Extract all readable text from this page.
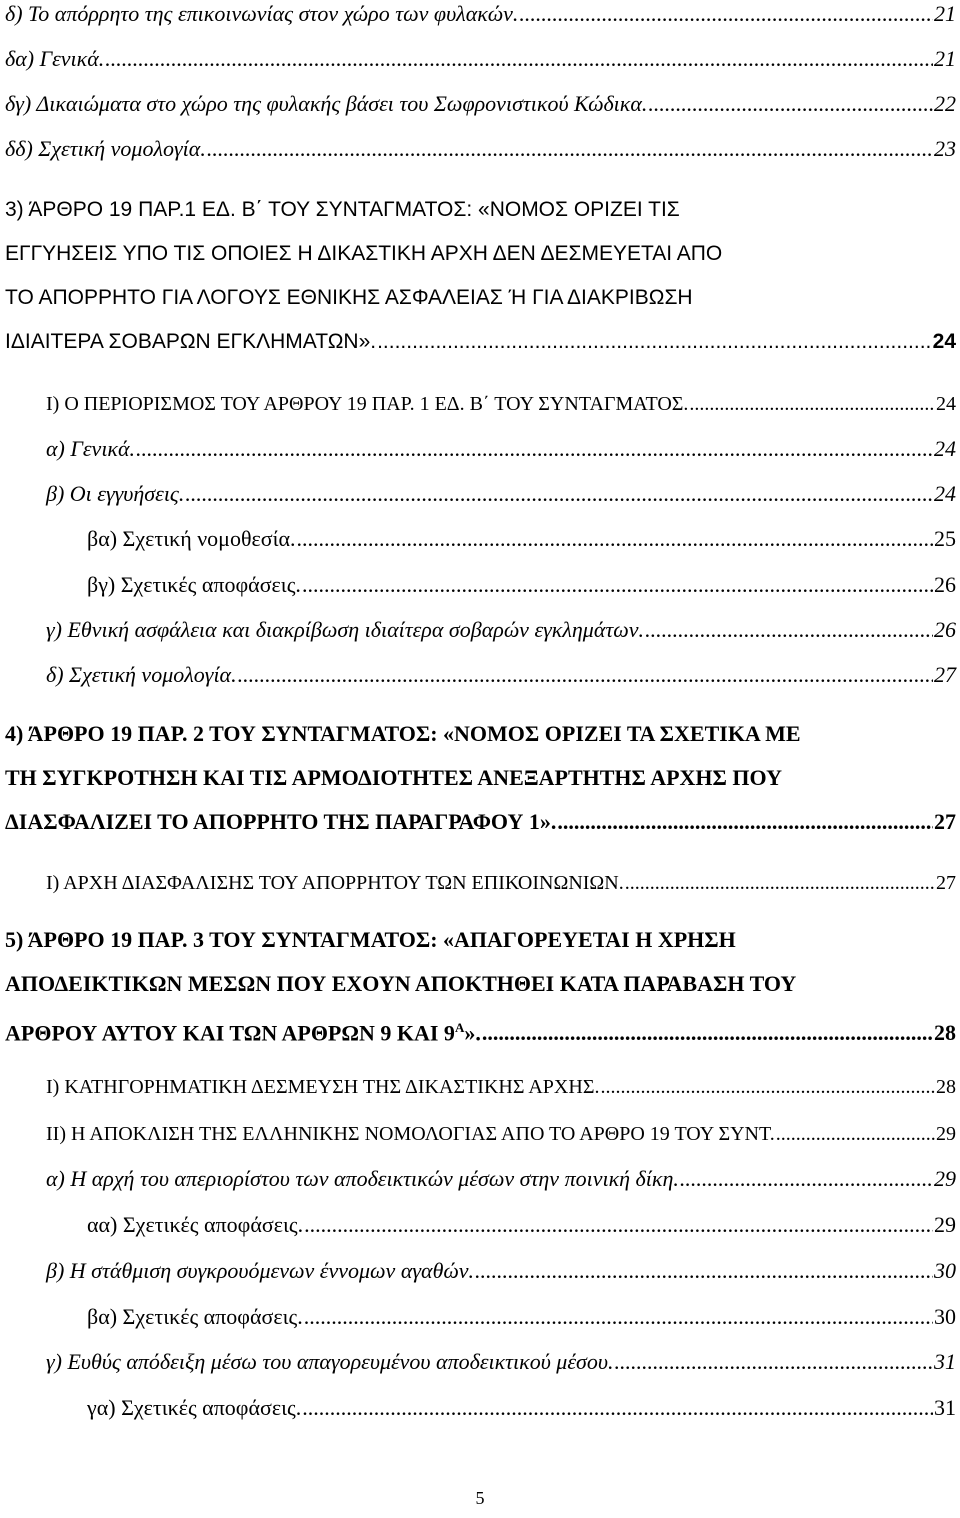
δ) Το απόρρητο της επικοινωνίας στον χώρο των φυλακών. .....	21
δα) Γενικά. .....	21
δγ) Δικαιώματα στο χώρο της φυλακής βάσει του Σωφρονιστικού Κώδικα. .....	22
δδ) Σχετική νομολογία. .....	23
3) ΆΡΘΡΟ 19 ΠΑΡ.1 ΕΔ. Β΄ ΤΟΥ ΣΥΝΤΑΓΜΑΤΟΣ: «ΝΟΜΟΣ ΟΡΙΖΕΙ ΤΙΣ
ΕΓΓΥΗΣΕΙΣ ΥΠΟ ΤΙΣ ΟΠΟΙΕΣ Η ΔΙΚΑΣΤΙΚΗ ΑΡΧΗ ΔΕΝ ΔΕΣΜΕΥΕΤΑΙ ΑΠΟ
ΤΟ ΑΠΟΡΡΗΤΟ ΓΙΑ ΛΟΓΟΥΣ ΕΘΝΙΚΗΣ ΑΣΦΑΛΕΙΑΣ Ή ΓΙΑ ΔΙΑΚΡΙΒΩΣΗ
ΙΔΙΑΙΤΕΡΑ ΣΟΒΑΡΩΝ ΕΓΚΛΗΜΑΤΩΝ». .....	24
Ι) Ο ΠΕΡΙΟΡΙΣΜΟΣ ΤΟΥ ΑΡΘΡΟΥ 19 ΠΑΡ. 1 ΕΔ. Β΄ ΤΟΥ ΣΥΝΤΑΓΜΑΤΟΣ. .....	24
α) Γενικά. .....	24
β) Οι εγγυήσεις. .....	24
βα) Σχετική νομοθεσία. .....	25
βγ) Σχετικές αποφάσεις. .....	26
γ) Εθνική ασφάλεια και διακρίβωση ιδιαίτερα σοβαρών εγκλημάτων. .....	26
δ) Σχετική νομολογία. .....	27
4) ΆΡΘΡΟ 19 ΠΑΡ. 2 ΤΟΥ ΣΥΝΤΑΓΜΑΤΟΣ: «ΝΟΜΟΣ ΟΡΙΖΕΙ ΤΑ ΣΧΕΤΙΚΑ ΜΕ
ΤΗ ΣΥΓΚΡΟΤΗΣΗ ΚΑΙ ΤΙΣ ΑΡΜΟΔΙΟΤΗΤΕΣ ΑΝΕΞΑΡΤΗΤΗΣ ΑΡΧΗΣ ΠΟΥ
ΔΙΑΣΦΑΛΙΖΕΙ ΤΟ ΑΠΟΡΡΗΤΟ ΤΗΣ ΠΑΡΑΓΡΑΦΟΥ 1». .....	27
Ι) ΑΡΧΗ ΔΙΑΣΦΑΛΙΣΗΣ ΤΟΥ ΑΠΟΡΡΗΤΟΥ ΤΩΝ ΕΠΙΚΟΙΝΩΝΙΩΝ. .....	27
5) ΆΡΘΡΟ 19 ΠΑΡ. 3 ΤΟΥ ΣΥΝΤΑΓΜΑΤΟΣ: «ΑΠΑΓΟΡΕΥΕΤΑΙ Η ΧΡΗΣΗ
ΑΠΟΔΕΙΚΤΙΚΩΝ ΜΕΣΩΝ ΠΟΥ ΕΧΟΥΝ ΑΠΟΚΤΗΘΕΙ ΚΑΤΑ ΠΑΡΑΒΑΣΗ ΤΟΥ
ΑΡΘΡΟΥ ΑΥΤΟΥ ΚΑΙ ΤΩΝ ΑΡΘΡΩΝ 9 ΚΑΙ $9^A$». .....	28
Ι) ΚΑΤΗΓΟΡΗΜΑΤΙΚΗ ΔΕΣΜΕΥΣΗ ΤΗΣ ΔΙΚΑΣΤΙΚΗΣ ΑΡΧΗΣ. .....	28
ΙΙ) Η ΑΠΟΚΛΙΣΗ ΤΗΣ ΕΛΛΗΝΙΚΗΣ ΝΟΜΟΛΟΓΙΑΣ ΑΠΟ ΤΟ ΑΡΘΡΟ 19 ΤΟΥ ΣΥΝΤ. .....	29
α) Η αρχή του απεριορίστου των αποδεικτικών μέσων στην ποινική δίκη. .....	29
αα) Σχετικές αποφάσεις. .....	29
β) Η στάθμιση συγκρουόμενων έννομων αγαθών. .....	30
βα) Σχετικές αποφάσεις. .....	30
γ) Ευθύς απόδειξη μέσω του απαγορευμένου αποδεικτικού μέσου. .....	31
γα) Σχετικές αποφάσεις. .....	31
5
